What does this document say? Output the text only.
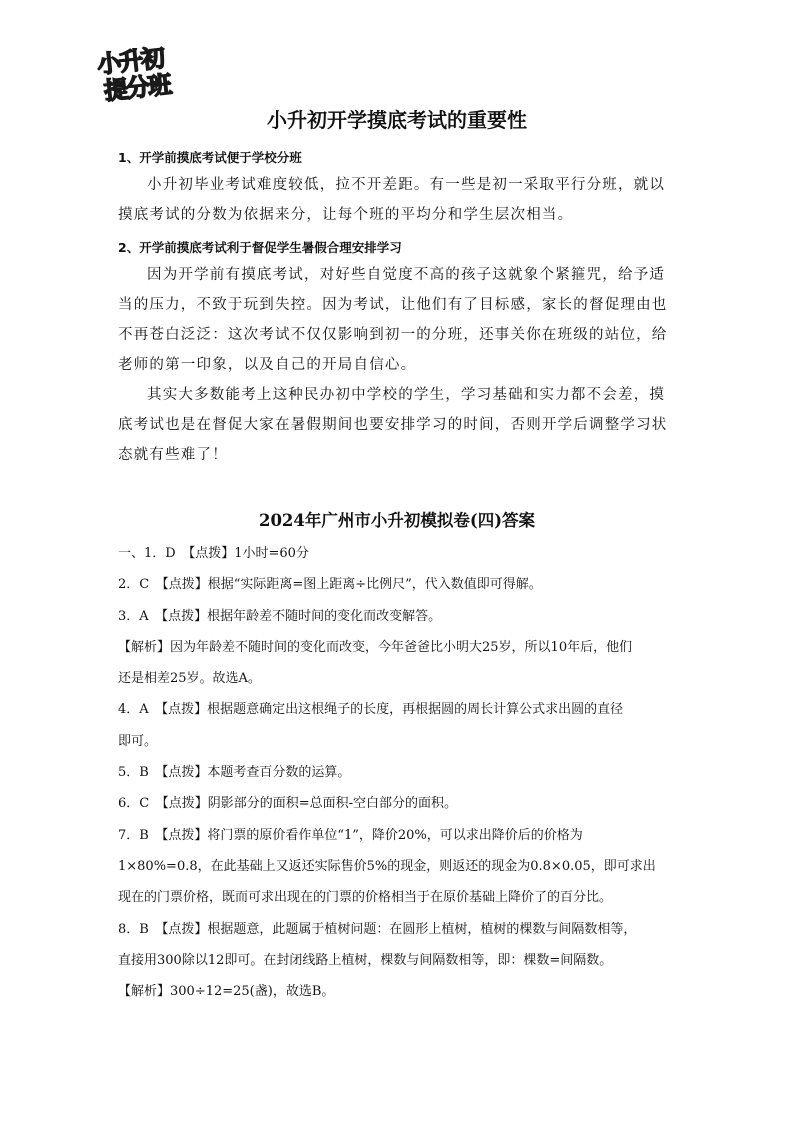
小升初
提分班
小升初开学摸底考试的重要性
1、开学前摸底考试便于学校分班

小升初毕业考试难度较低，拉不开差距。有一些是初一采取平行分班，就以摸底考试的分数为依据来分，让每个班的平均分和学生层次相当。

2、开学前摸底考试利于督促学生暑假合理安排学习

因为开学前有摸底考试，对好些自觉度不高的孩子这就象个紧箍咒，给予适当的压力，不致于玩到失控。因为考试，让他们有了目标感，家长的督促理由也不再苍白泛泛：这次考试不仅仅影响到初一的分班，还事关你在班级的站位，给老师的第一印象，以及自己的开局自信心。

其实大多数能考上这种民办初中学校的学生，学习基础和实力都不会差，摸底考试也是在督促大家在暑假期间也要安排学习的时间，否则开学后调整学习状态就有些难了！

2024年广州市小升初模拟卷(四)答案
一、1．D　【点拨】1小时=60分
2．C　【点拨】根据“实际距离=图上距离÷比例尺”，代入数值即可得解。
3．A　【点拨】根据年龄差不随时间的变化而改变解答。
【解析】因为年龄差不随时间的变化而改变，今年爸爸比小明大25岁，所以10年后，他们
还是相差25岁。故选A。
4．A　【点拨】根据题意确定出这根绳子的长度，再根据圆的周长计算公式求出圆的直径
即可。
5．B　【点拨】本题考查百分数的运算。
6．C　【点拨】阴影部分的面积=总面积-空白部分的面积。
7．B　【点拨】将门票的原价看作单位“1”，降价20%，可以求出降价后的价格为
1×80%=0.8，在此基础上又返还实际售价5%的现金，则返还的现金为0.8×0.05，即可求出
现在的门票价格，既而可求出现在的门票的价格相当于在原价基础上降价了的百分比。
8．B　【点拨】根据题意，此题属于植树问题：在圆形上植树，植树的棵数与间隔数相等，
直接用300除以12即可。在封闭线路上植树，棵数与间隔数相等，即：棵数=间隔数。
【解析】300÷12=25(盏)，故选B。
